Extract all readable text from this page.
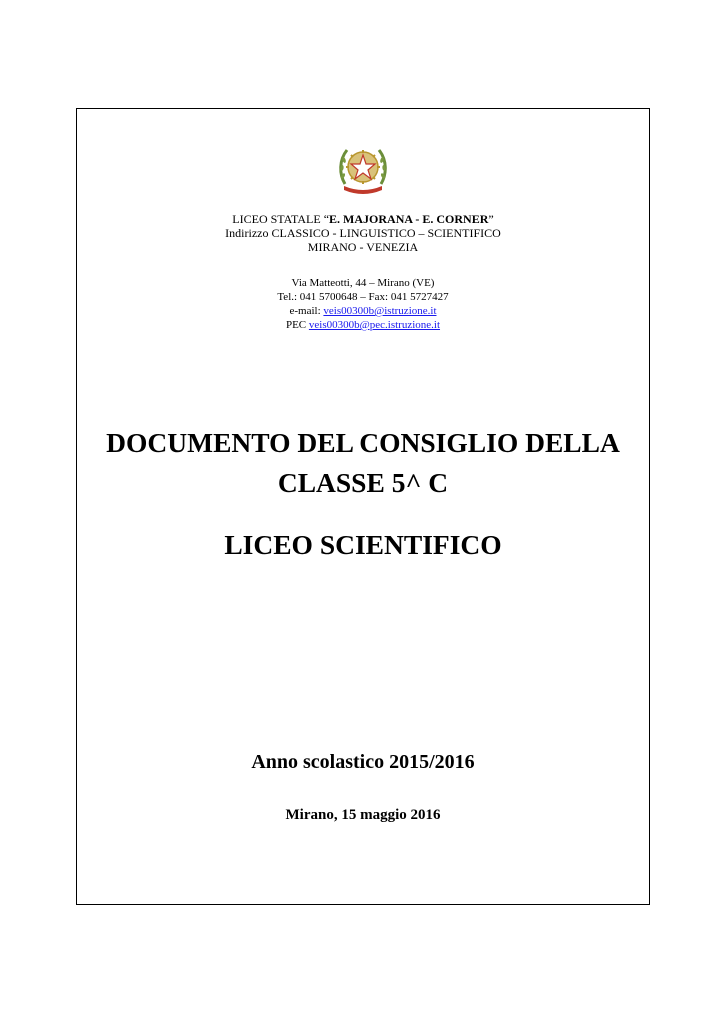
LICEO STATALE “E. MAJORANA - E. CORNER”
Indirizzo CLASSICO - LINGUISTICO – SCIENTIFICO
MIRANO - VENEZIA
Via Matteotti, 44 – Mirano (VE)
Tel.: 041 5700648 – Fax: 041 5727427
e-mail: veis00300b@istruzione.it
PEC veis00300b@pec.istruzione.it
DOCUMENTO DEL CONSIGLIO DELLA
CLASSE 5^ C
LICEO SCIENTIFICO
Anno scolastico 2015/2016
Mirano, 15 maggio 2016
